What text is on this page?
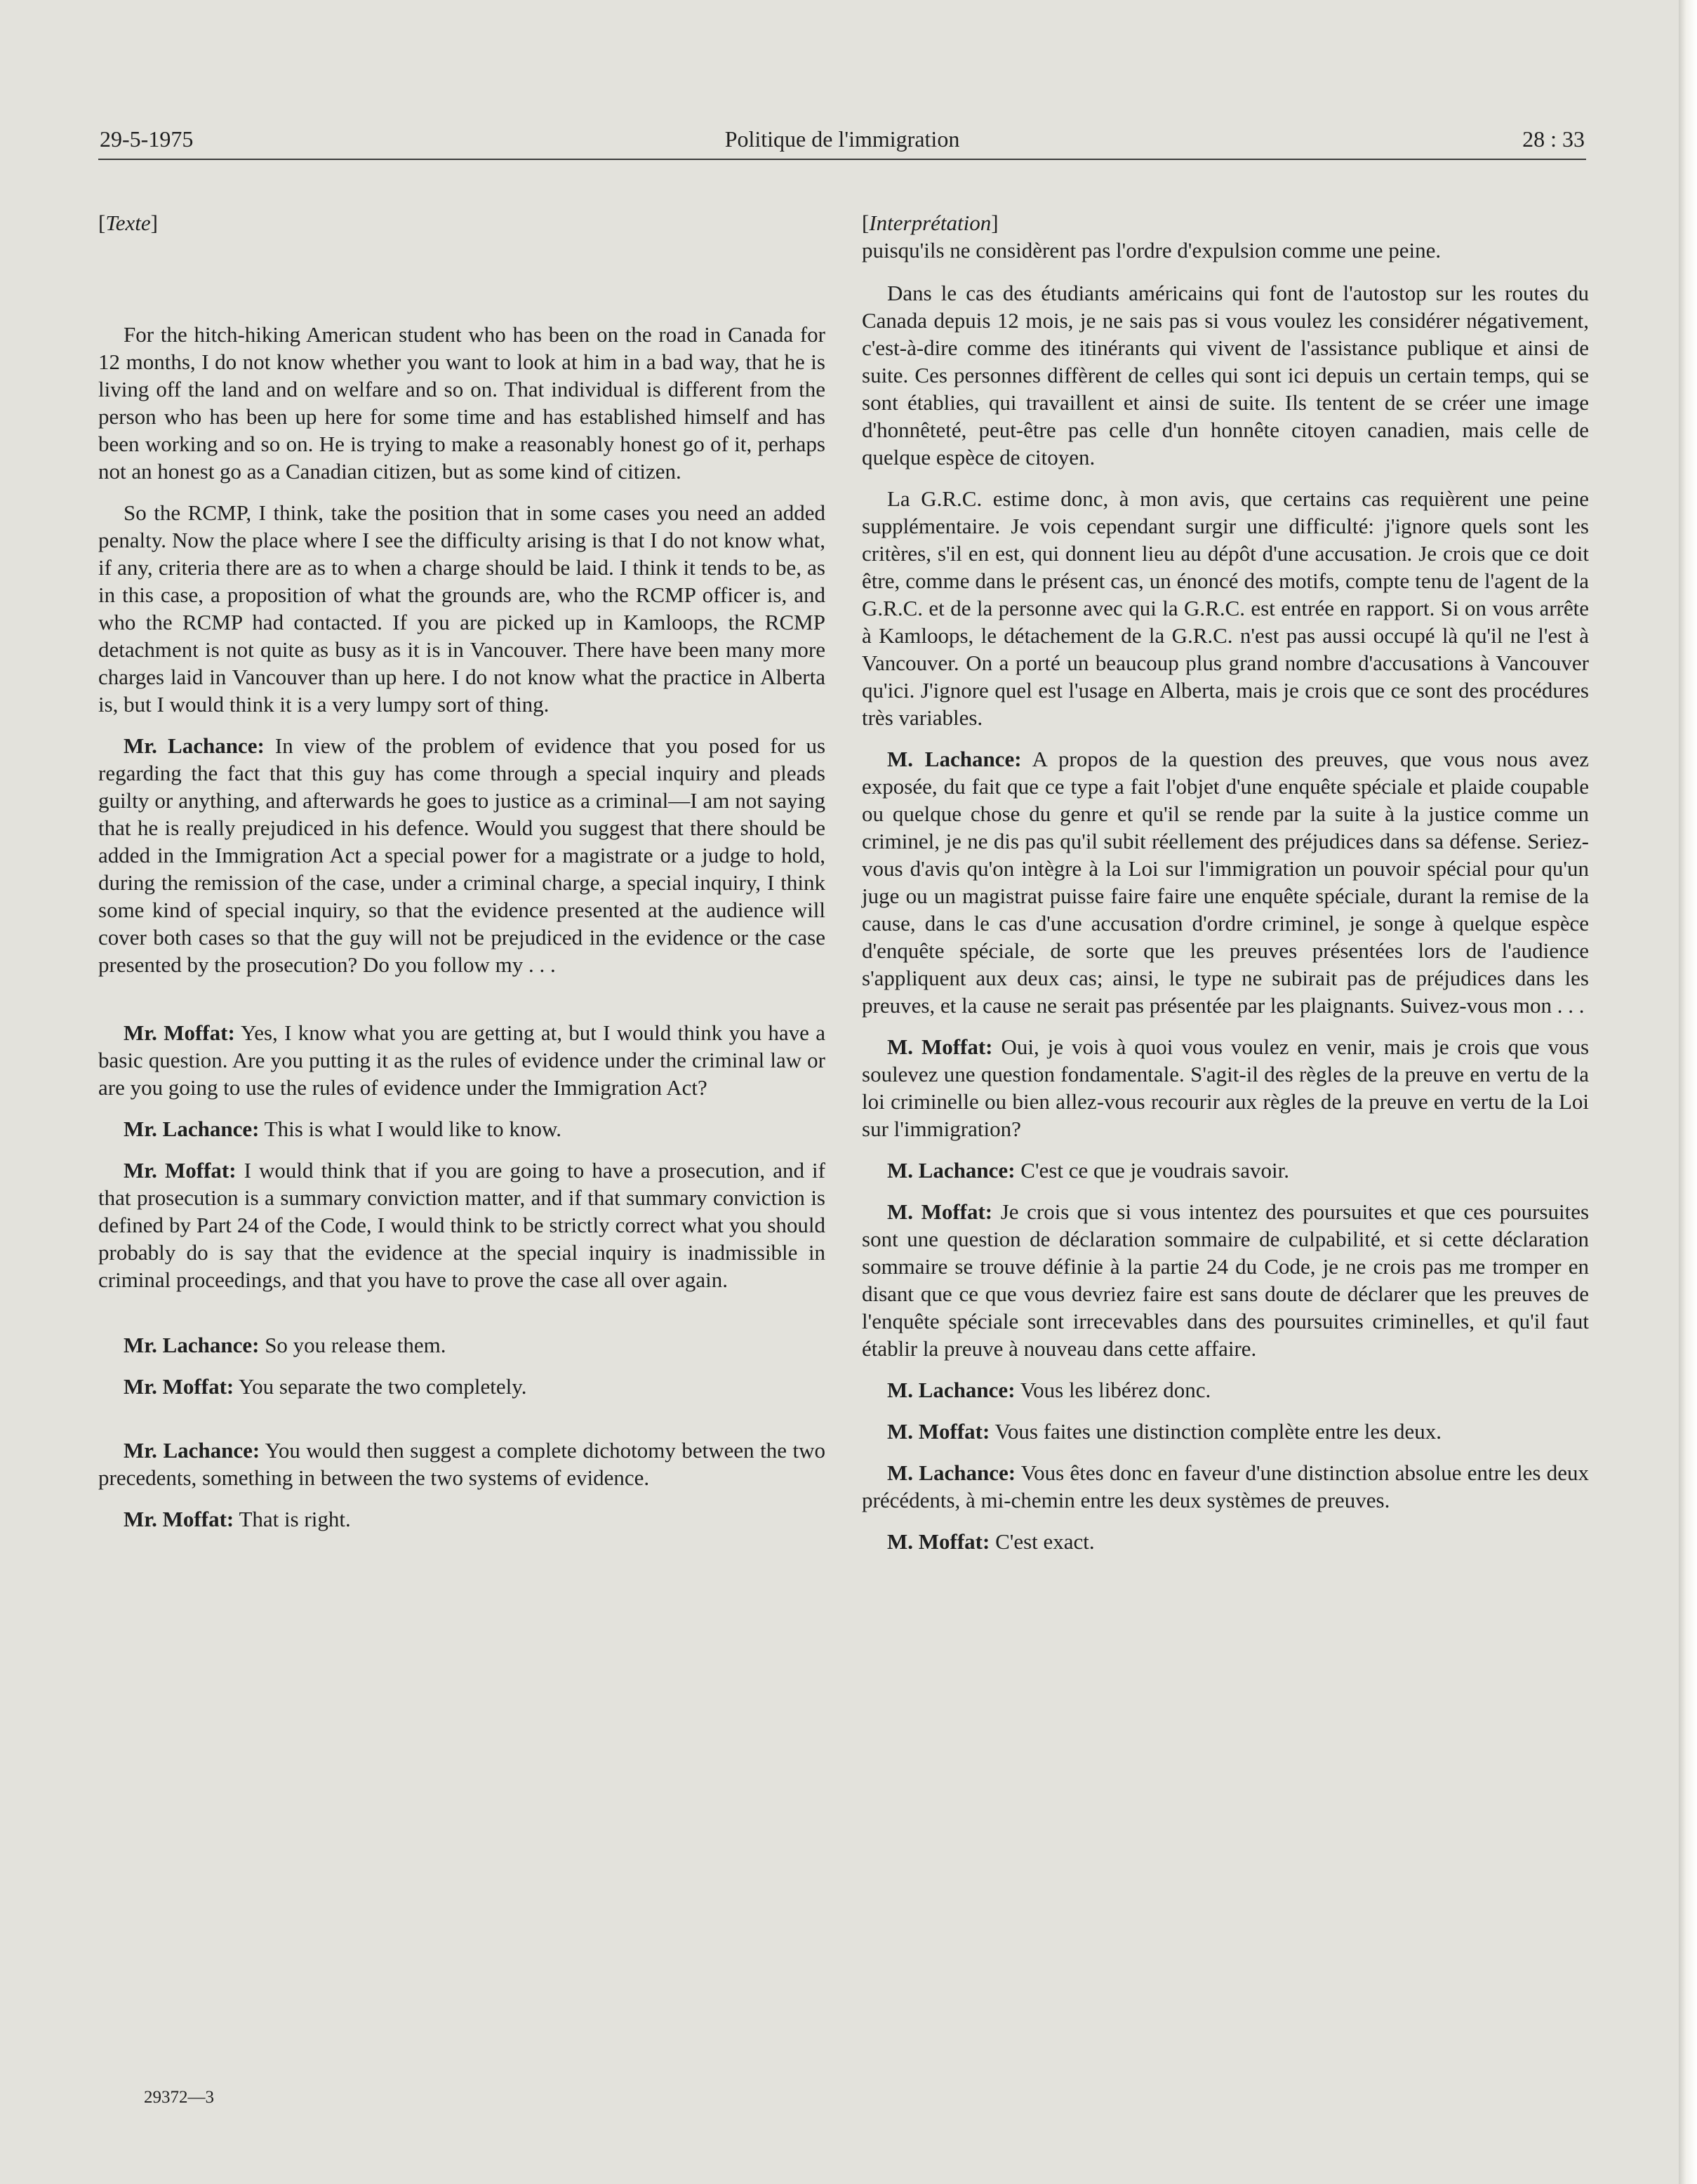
29-5-1975	Politique de l'immigration	28 : 33

[Texte]

For the hitch-hiking American student who has been on the road in Canada for 12 months, I do not know whether you want to look at him in a bad way, that he is living off the land and on welfare and so on. That individual is different from the person who has been up here for some time and has established himself and has been working and so on. He is trying to make a reasonably honest go of it, perhaps not an honest go as a Canadian citizen, but as some kind of citizen.

So the RCMP, I think, take the position that in some cases you need an added penalty. Now the place where I see the difficulty arising is that I do not know what, if any, criteria there are as to when a charge should be laid. I think it tends to be, as in this case, a proposition of what the grounds are, who the RCMP officer is, and who the RCMP had contacted. If you are picked up in Kamloops, the RCMP detachment is not quite as busy as it is in Vancouver. There have been many more charges laid in Vancouver than up here. I do not know what the practice in Alberta is, but I would think it is a very lumpy sort of thing.

Mr. Lachance: In view of the problem of evidence that you posed for us regarding the fact that this guy has come through a special inquiry and pleads guilty or anything, and afterwards he goes to justice as a criminal—I am not saying that he is really prejudiced in his defence. Would you suggest that there should be added in the Immigration Act a special power for a magistrate or a judge to hold, during the remission of the case, under a criminal charge, a special inquiry, I think some kind of special inquiry, so that the evidence presented at the audience will cover both cases so that the guy will not be prejudiced in the evidence or the case presented by the prosecution? Do you follow my . . .

Mr. Moffat: Yes, I know what you are getting at, but I would think you have a basic question. Are you putting it as the rules of evidence under the criminal law or are you going to use the rules of evidence under the Immigration Act?

Mr. Lachance: This is what I would like to know.

Mr. Moffat: I would think that if you are going to have a prosecution, and if that prosecution is a summary conviction matter, and if that summary conviction is defined by Part 24 of the Code, I would think to be strictly correct what you should probably do is say that the evidence at the special inquiry is inadmissible in criminal proceedings, and that you have to prove the case all over again.

Mr. Lachance: So you release them.

Mr. Moffat: You separate the two completely.

Mr. Lachance: You would then suggest a complete dichotomy between the two precedents, something in between the two systems of evidence.

Mr. Moffat: That is right.

[Interprétation]

puisqu'ils ne considèrent pas l'ordre d'expulsion comme une peine.

Dans le cas des étudiants américains qui font de l'autostop sur les routes du Canada depuis 12 mois, je ne sais pas si vous voulez les considérer négativement, c'est-à-dire comme des itinérants qui vivent de l'assistance publique et ainsi de suite. Ces personnes diffèrent de celles qui sont ici depuis un certain temps, qui se sont établies, qui travaillent et ainsi de suite. Ils tentent de se créer une image d'honnêteté, peut-être pas celle d'un honnête citoyen canadien, mais celle de quelque espèce de citoyen.

La G.R.C. estime donc, à mon avis, que certains cas requièrent une peine supplémentaire. Je vois cependant surgir une difficulté: j'ignore quels sont les critères, s'il en est, qui donnent lieu au dépôt d'une accusation. Je crois que ce doit être, comme dans le présent cas, un énoncé des motifs, compte tenu de l'agent de la G.R.C. et de la personne avec qui la G.R.C. est entrée en rapport. Si on vous arrête à Kamloops, le détachement de la G.R.C. n'est pas aussi occupé là qu'il ne l'est à Vancouver. On a porté un beaucoup plus grand nombre d'accusations à Vancouver qu'ici. J'ignore quel est l'usage en Alberta, mais je crois que ce sont des procédures très variables.

M. Lachance: A propos de la question des preuves, que vous nous avez exposée, du fait que ce type a fait l'objet d'une enquête spéciale et plaide coupable ou quelque chose du genre et qu'il se rende par la suite à la justice comme un criminel, je ne dis pas qu'il subit réellement des préjudices dans sa défense. Seriez-vous d'avis qu'on intègre à la Loi sur l'immigration un pouvoir spécial pour qu'un juge ou un magistrat puisse faire faire une enquête spéciale, durant la remise de la cause, dans le cas d'une accusation d'ordre criminel, je songe à quelque espèce d'enquête spéciale, de sorte que les preuves présentées lors de l'audience s'appliquent aux deux cas; ainsi, le type ne subirait pas de préjudices dans les preuves, et la cause ne serait pas présentée par les plaignants. Suivez-vous mon . . .

M. Moffat: Oui, je vois à quoi vous voulez en venir, mais je crois que vous soulevez une question fondamentale. S'agit-il des règles de la preuve en vertu de la loi criminelle ou bien allez-vous recourir aux règles de la preuve en vertu de la Loi sur l'immigration?

M. Lachance: C'est ce que je voudrais savoir.

M. Moffat: Je crois que si vous intentez des poursuites et que ces poursuites sont une question de déclaration sommaire de culpabilité, et si cette déclaration sommaire se trouve définie à la partie 24 du Code, je ne crois pas me tromper en disant que ce que vous devriez faire est sans doute de déclarer que les preuves de l'enquête spéciale sont irrecevables dans des poursuites criminelles, et qu'il faut établir la preuve à nouveau dans cette affaire.

M. Lachance: Vous les libérez donc.

M. Moffat: Vous faites une distinction complète entre les deux.

M. Lachance: Vous êtes donc en faveur d'une distinction absolue entre les deux précédents, à mi-chemin entre les deux systèmes de preuves.

M. Moffat: C'est exact.

29372—3
